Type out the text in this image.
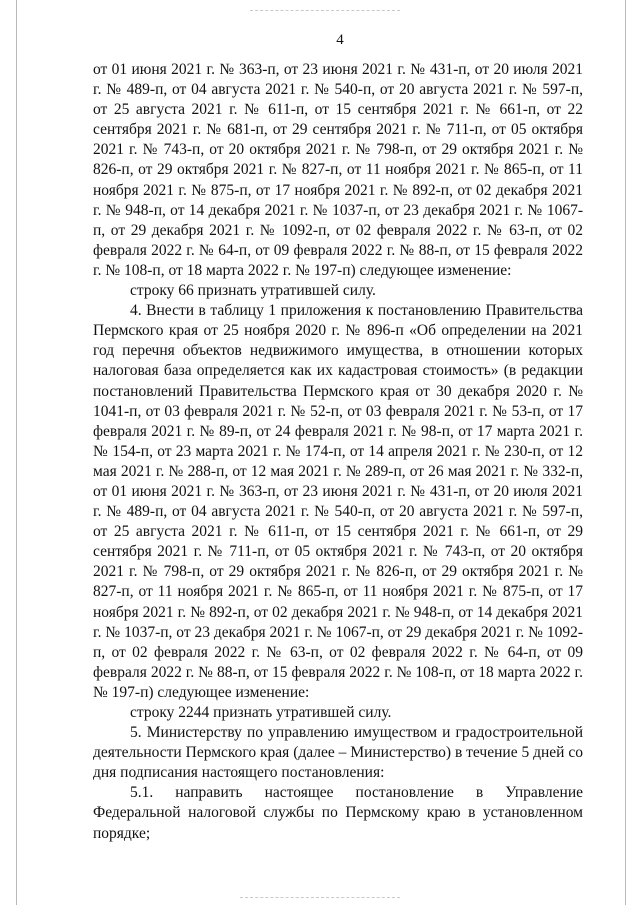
4

от 01 июня 2021 г. № 363-п, от 23 июня 2021 г. № 431-п, от 20 июля 2021 г. № 489-п, от 04 августа 2021 г. № 540-п, от 20 августа 2021 г. № 597-п, от 25 августа 2021 г. № 611-п, от 15 сентября 2021 г. № 661-п, от 22 сентября 2021 г. № 681-п, от 29 сентября 2021 г. № 711-п, от 05 октября 2021 г. № 743-п, от 20 октября 2021 г. № 798-п, от 29 октября 2021 г. № 826-п, от 29 октября 2021 г. № 827-п, от 11 ноября 2021 г. № 865-п, от 11 ноября 2021 г. № 875-п, от 17 ноября 2021 г. № 892-п, от 02 декабря 2021 г. № 948-п, от 14 декабря 2021 г. № 1037-п, от 23 декабря 2021 г. № 1067-п, от 29 декабря 2021 г. № 1092-п, от 02 февраля 2022 г. № 63-п, от 02 февраля 2022 г. № 64-п, от 09 февраля 2022 г. № 88-п, от 15 февраля 2022 г. № 108-п, от 18 марта 2022 г. № 197-п) следующее изменение:

строку 66 признать утратившей силу.

4. Внести в таблицу 1 приложения к постановлению Правительства Пермского края от 25 ноября 2020 г. № 896-п «Об определении на 2021 год перечня объектов недвижимого имущества, в отношении которых налоговая база определяется как их кадастровая стоимость» (в редакции постановлений Правительства Пермского края от 30 декабря 2020 г. № 1041-п, от 03 февраля 2021 г. № 52-п, от 03 февраля 2021 г. № 53-п, от 17 февраля 2021 г. № 89-п, от 24 февраля 2021 г. № 98-п, от 17 марта 2021 г. № 154-п, от 23 марта 2021 г. № 174-п, от 14 апреля 2021 г. № 230-п, от 12 мая 2021 г. № 288-п, от 12 мая 2021 г. № 289-п, от 26 мая 2021 г. № 332-п, от 01 июня 2021 г. № 363-п, от 23 июня 2021 г. № 431-п, от 20 июля 2021 г. № 489-п, от 04 августа 2021 г. № 540-п, от 20 августа 2021 г. № 597-п, от 25 августа 2021 г. № 611-п, от 15 сентября 2021 г. № 661-п, от 29 сентября 2021 г. № 711-п, от 05 октября 2021 г. № 743-п, от 20 октября 2021 г. № 798-п, от 29 октября 2021 г. № 826-п, от 29 октября 2021 г. № 827-п, от 11 ноября 2021 г. № 865-п, от 11 ноября 2021 г. № 875-п, от 17 ноября 2021 г. № 892-п, от 02 декабря 2021 г. № 948-п, от 14 декабря 2021 г. № 1037-п, от 23 декабря 2021 г. № 1067-п, от 29 декабря 2021 г. № 1092-п, от 02 февраля 2022 г. № 63-п, от 02 февраля 2022 г. № 64-п, от 09 февраля 2022 г. № 88-п, от 15 февраля 2022 г. № 108-п, от 18 марта 2022 г. № 197-п) следующее изменение:

строку 2244 признать утратившей силу.

5. Министерству по управлению имуществом и градостроительной деятельности Пермского края (далее – Министерство) в течение 5 дней со дня подписания настоящего постановления:

5.1. направить настоящее постановление в Управление Федеральной налоговой службы по Пермскому краю в установленном порядке;
